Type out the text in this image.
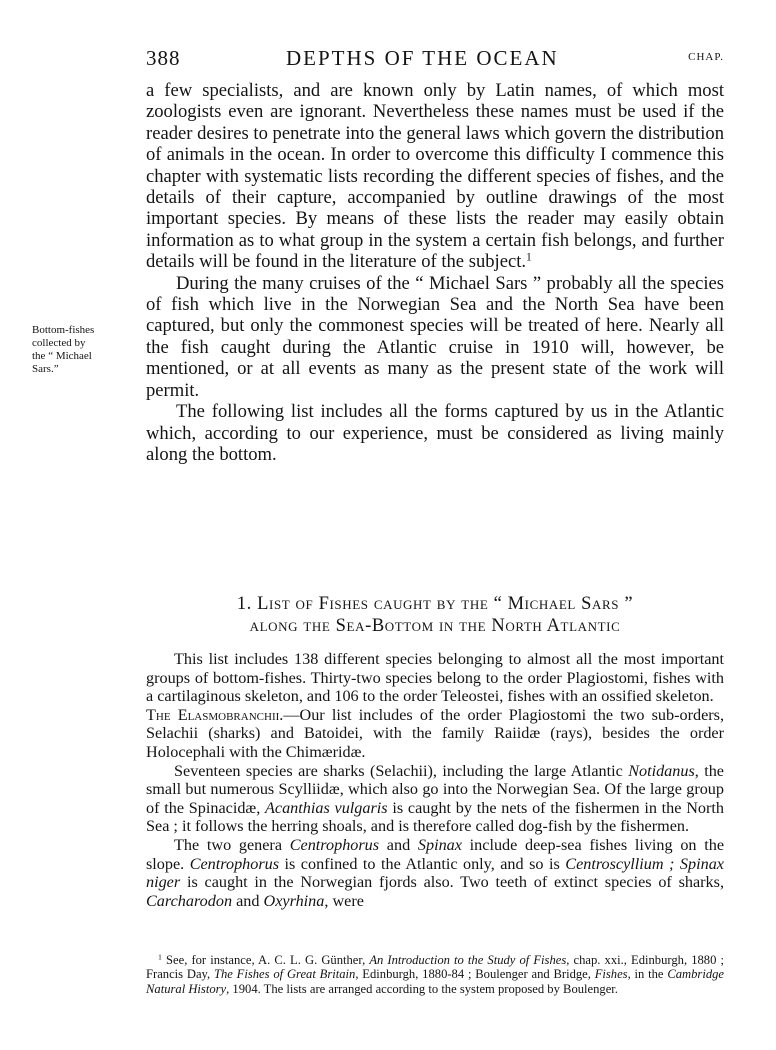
388	DEPTHS OF THE OCEAN	CHAP.
Bottom-fishes
collected by
the “ Michael
Sars.”

a few specialists, and are known only by Latin names, of which most zoologists even are ignorant. Nevertheless these names must be used if the reader desires to penetrate into the general laws which govern the distribution of animals in the ocean. In order to overcome this difficulty I commence this chapter with systematic lists recording the different species of fishes, and the details of their capture, accompanied by outline drawings of the most important species. By means of these lists the reader may easily obtain information as to what group in the system a certain fish belongs, and further details will be found in the literature of the subject.$^1$

During the many cruises of the “ Michael Sars ” probably all the species of fish which live in the Norwegian Sea and the North Sea have been captured, but only the commonest species will be treated of here. Nearly all the fish caught during the Atlantic cruise in 1910 will, however, be mentioned, or at all events as many as the present state of the work will permit.

The following list includes all the forms captured by us in the Atlantic which, according to our experience, must be considered as living mainly along the bottom.

1. List of Fishes caught by the “ Michael Sars ”
along the Sea-Bottom in the North Atlantic

This list includes 138 different species belonging to almost all the most important groups of bottom-fishes. Thirty-two species belong to the order Plagiostomi, fishes with a cartilaginous skeleton, and 106 to the order Teleostei, fishes with an ossified skeleton.

The Elasmobranchii.—Our list includes of the order Plagiostomi the two sub-orders, Selachii (sharks) and Batoidei, with the family Raiidæ (rays), besides the order Holocephali with the Chimæridæ.

Seventeen species are sharks (Selachii), including the large Atlantic Notidanus, the small but numerous Scylliidæ, which also go into the Norwegian Sea. Of the large group of the Spinacidæ, Acanthias vulgaris is caught by the nets of the fishermen in the North Sea ; it follows the herring shoals, and is therefore called dog-fish by the fishermen.

The two genera Centrophorus and Spinax include deep-sea fishes living on the slope. Centrophorus is confined to the Atlantic only, and so is Centroscyllium ; Spinax niger is caught in the Norwegian fjords also. Two teeth of extinct species of sharks, Carcharodon and Oxyrhina, were

$^1$ See, for instance, A. C. L. G. Günther, An Introduction to the Study of Fishes, chap. xxi., Edinburgh, 1880 ; Francis Day, The Fishes of Great Britain, Edinburgh, 1880-84 ; Boulenger and Bridge, Fishes, in the Cambridge Natural History, 1904. The lists are arranged according to the system proposed by Boulenger.
